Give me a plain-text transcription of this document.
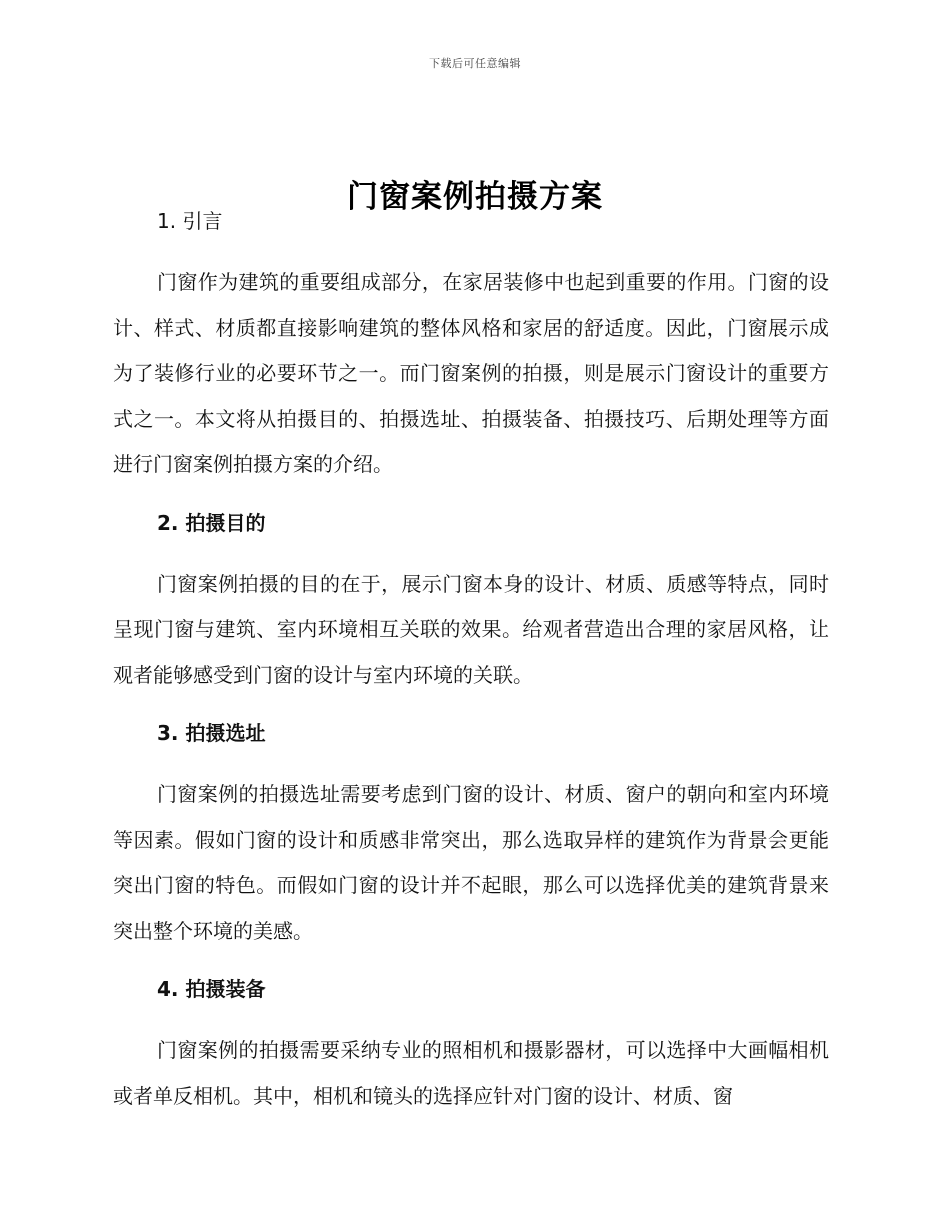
下载后可任意编辑
门窗案例拍摄方案
1. 引言

门窗作为建筑的重要组成部分，在家居装修中也起到重要的作用。门窗的设计、样式、材质都直接影响建筑的整体风格和家居的舒适度。因此，门窗展示成为了装修行业的必要环节之一。而门窗案例的拍摄，则是展示门窗设计的重要方式之一。本文将从拍摄目的、拍摄选址、拍摄装备、拍摄技巧、后期处理等方面进行门窗案例拍摄方案的介绍。

2. 拍摄目的

门窗案例拍摄的目的在于，展示门窗本身的设计、材质、质感等特点，同时呈现门窗与建筑、室内环境相互关联的效果。给观者营造出合理的家居风格，让观者能够感受到门窗的设计与室内环境的关联。

3. 拍摄选址

门窗案例的拍摄选址需要考虑到门窗的设计、材质、窗户的朝向和室内环境等因素。假如门窗的设计和质感非常突出，那么选取异样的建筑作为背景会更能突出门窗的特色。而假如门窗的设计并不起眼，那么可以选择优美的建筑背景来突出整个环境的美感。

4. 拍摄装备

门窗案例的拍摄需要采纳专业的照相机和摄影器材，可以选择中大画幅相机或者单反相机。其中，相机和镜头的选择应针对门窗的设计、材质、窗
